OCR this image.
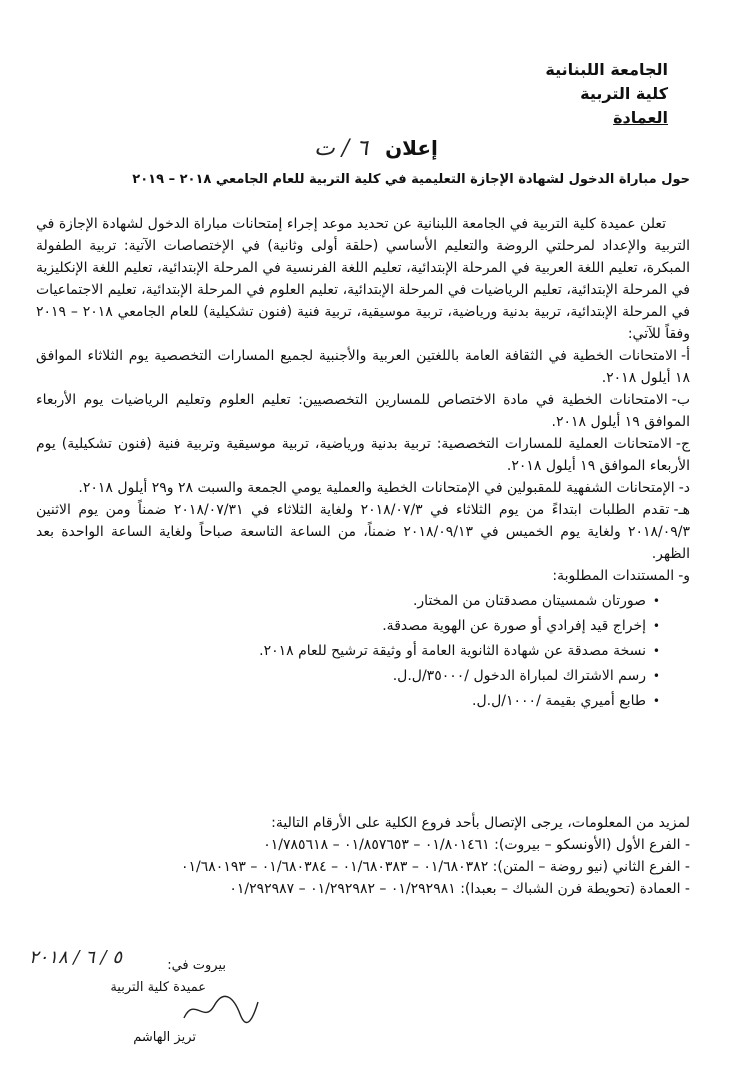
الجامعة اللبنانية
كلية التربية
العمادة
إعلان ٦ / ت
حول مباراة الدخول لشهادة الإجازة التعليمية في كلية التربية للعام الجامعي ٢٠١٨ – ٢٠١٩

تعلن عميدة كلية التربية في الجامعة اللبنانية عن تحديد موعد إجراء إمتحانات مباراة الدخول لشهادة الإجازة في التربية والإعداد لمرحلتي الروضة والتعليم الأساسي (حلقة أولى وثانية) في الإختصاصات الآتية: تربية الطفولة المبكرة، تعليم اللغة العربية في المرحلة الإبتدائية، تعليم اللغة الفرنسية في المرحلة الإبتدائية، تعليم اللغة الإنكليزية في المرحلة الإبتدائية، تعليم الرياضيات في المرحلة الإبتدائية، تعليم العلوم في المرحلة الإبتدائية، تعليم الاجتماعيات في المرحلة الإبتدائية، تربية بدنية ورياضية، تربية موسيقية، تربية فنية (فنون تشكيلية) للعام الجامعي ٢٠١٨ – ٢٠١٩ وفقاً للآتي:

أ-الامتحانات الخطية في الثقافة العامة باللغتين العربية والأجنبية لجميع المسارات التخصصية يوم الثلاثاء الموافق ١٨ أيلول ٢٠١٨.

ب-الامتحانات الخطية في مادة الاختصاص للمسارين التخصصيين: تعليم العلوم وتعليم الرياضيات يوم الأربعاء الموافق ١٩ أيلول ٢٠١٨.

ج-الامتحانات العملية للمسارات التخصصية: تربية بدنية ورياضية، تربية موسيقية وتربية فنية (فنون تشكيلية) يوم الأربعاء الموافق ١٩ أيلول ٢٠١٨.

د-الإمتحانات الشفهية للمقبولين في الإمتحانات الخطية والعملية يومي الجمعة والسبت ٢٨ و٢٩ أيلول ٢٠١٨.

هـ-تقدم الطلبات ابتداءً من يوم الثلاثاء في ٢٠١٨/٠٧/٣ ولغاية الثلاثاء في ٢٠١٨/٠٧/٣١ ضمناً ومن يوم الاثنين ٢٠١٨/٠٩/٣ ولغاية يوم الخميس في ٢٠١٨/٠٩/١٣ ضمناً، من الساعة التاسعة صباحاً ولغاية الساعة الواحدة بعد الظهر.

و-المستندات المطلوبة:

• صورتان شمسيتان مصدقتان من المختار.
• إخراج قيد إفرادي أو صورة عن الهوية مصدقة.
• نسخة مصدقة عن شهادة الثانوية العامة أو وثيقة ترشيح للعام ٢٠١٨.
• رسم الاشتراك لمباراة الدخول /٣٥٠٠٠/ل.ل.
• طابع أميري بقيمة /١٠٠٠/ل.ل.

لمزيد من المعلومات، يرجى الإتصال بأحد فروع الكلية على الأرقام التالية:

- الفرع الأول (الأونسكو – بيروت): ٠١/٨٠١٤٦١ – ٠١/٨٥٧٦٥٣ – ٠١/٧٨٥٦١٨

- الفرع الثاني (نيو روضة – المتن): ٠١/٦٨٠٣٨٢ – ٠١/٦٨٠٣٨٣ – ٠١/٦٨٠٣٨٤ – ٠١/٦٨٠١٩٣

- العمادة (تحويطة فرن الشباك – بعبدا): ٠١/٢٩٢٩٨١ – ٠١/٢٩٢٩٨٢ – ٠١/٢٩٢٩٨٧

بيروت في:
٥ / ٦ / ٢٠١٨
عميدة كلية التربية
تريز الهاشم
